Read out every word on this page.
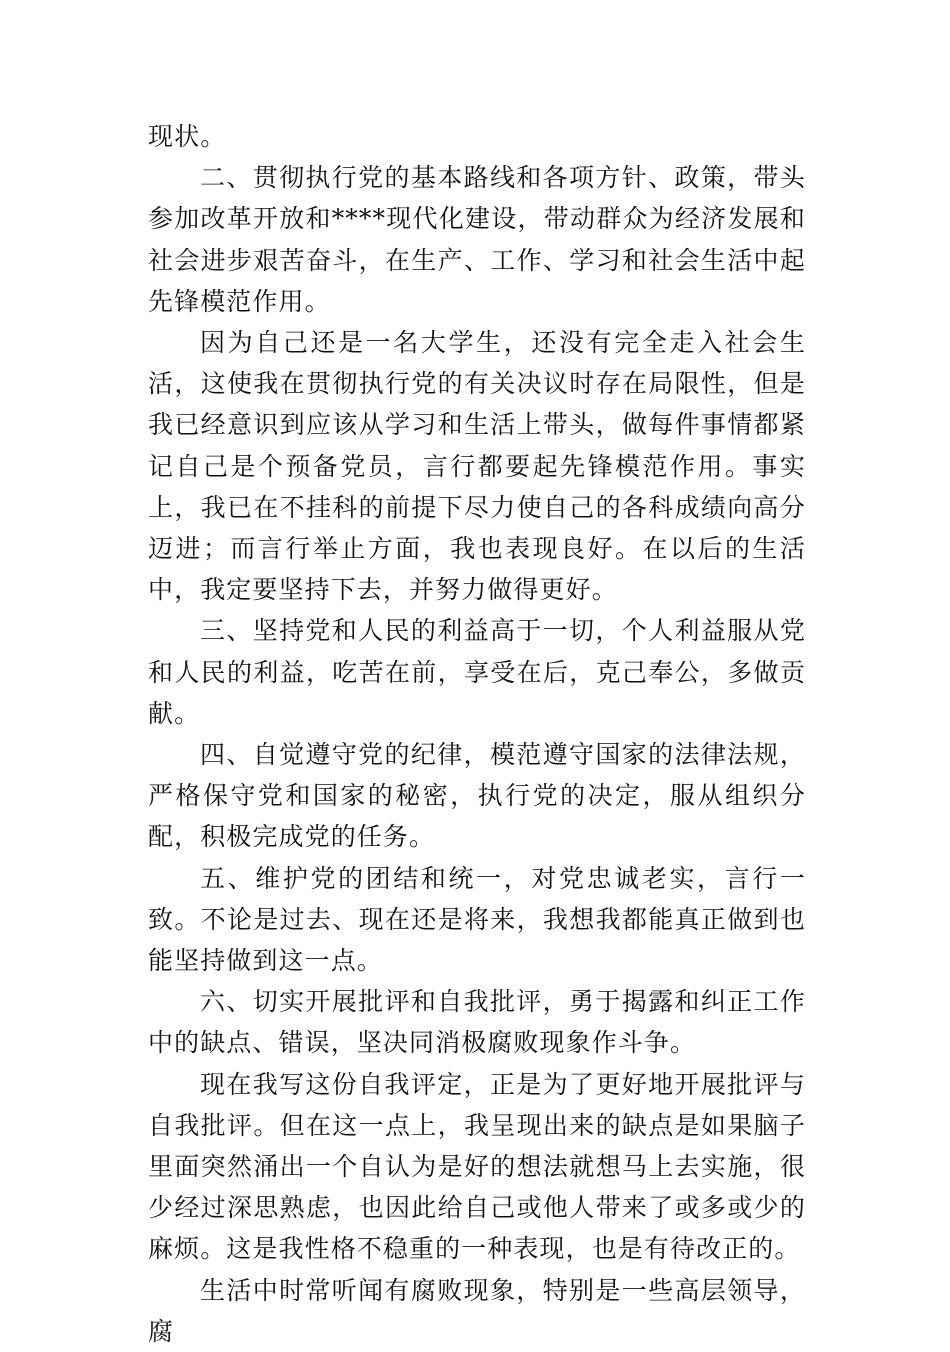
现状。

二、贯彻执行党的基本路线和各项方针、政策，带头参加改革开放和****现代化建设，带动群众为经济发展和社会进步艰苦奋斗，在生产、工作、学习和社会生活中起先锋模范作用。

因为自己还是一名大学生，还没有完全走入社会生活，这使我在贯彻执行党的有关决议时存在局限性，但是我已经意识到应该从学习和生活上带头，做每件事情都紧记自己是个预备党员，言行都要起先锋模范作用。事实上，我已在不挂科的前提下尽力使自己的各科成绩向高分迈进；而言行举止方面，我也表现良好。在以后的生活中，我定要坚持下去，并努力做得更好。

三、坚持党和人民的利益高于一切，个人利益服从党和人民的利益，吃苦在前，享受在后，克己奉公，多做贡献。

四、自觉遵守党的纪律，模范遵守国家的法律法规，严格保守党和国家的秘密，执行党的决定，服从组织分配，积极完成党的任务。

五、维护党的团结和统一，对党忠诚老实，言行一致。不论是过去、现在还是将来，我想我都能真正做到也能坚持做到这一点。

六、切实开展批评和自我批评，勇于揭露和纠正工作中的缺点、错误，坚决同消极腐败现象作斗争。

现在我写这份自我评定，正是为了更好地开展批评与自我批评。但在这一点上，我呈现出来的缺点是如果脑子里面突然涌出一个自认为是好的想法就想马上去实施，很少经过深思熟虑，也因此给自己或他人带来了或多或少的麻烦。这是我性格不稳重的一种表现，也是有待改正的。

生活中时常听闻有腐败现象，特别是一些高层领导，腐
